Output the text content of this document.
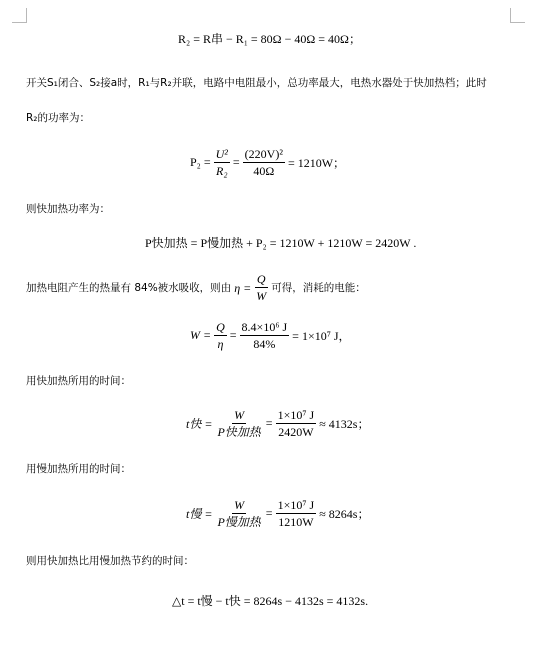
R₂ = R串 − R₁ = 80Ω − 40Ω = 40Ω；
开关S₁闭合、S₂接a时，R₁与R₂并联，电路中电阻最小，总功率最大，电热水器处于快加热档；此时
R₂的功率为：
$P_2 = \frac{\text{U²}}{\text{R₂}} = \frac{\text{(220V)²}}{40\Omega} = 1210W$；
则快加热功率为：
P快加热 = P慢加热 + P₂ = 1210W + 1210W = 2420W .
加热电阻产生的热量有 84%被水吸收，则由 $\eta = \frac{Q}{W}$ 可得，消耗的电能：
$W = \frac{Q}{\eta} = \frac{\text{8.4×10⁶ J}}{84\%} = 1\times 10^7$ J，
用快加热所用的时间：
t快 = $\frac{W}{\text{P快加热}} = \frac{\text{1×10⁷ J}}{2420W} \approx 4132s$；
用慢加热所用的时间：
t慢 = $\frac{W}{\text{P慢加热}} = \frac{\text{1×10⁷ J}}{1210W} \approx 8264s$；
则用快加热比用慢加热节约的时间：
△t = t慢 − t快 = 8264s − 4132s = 4132s.
